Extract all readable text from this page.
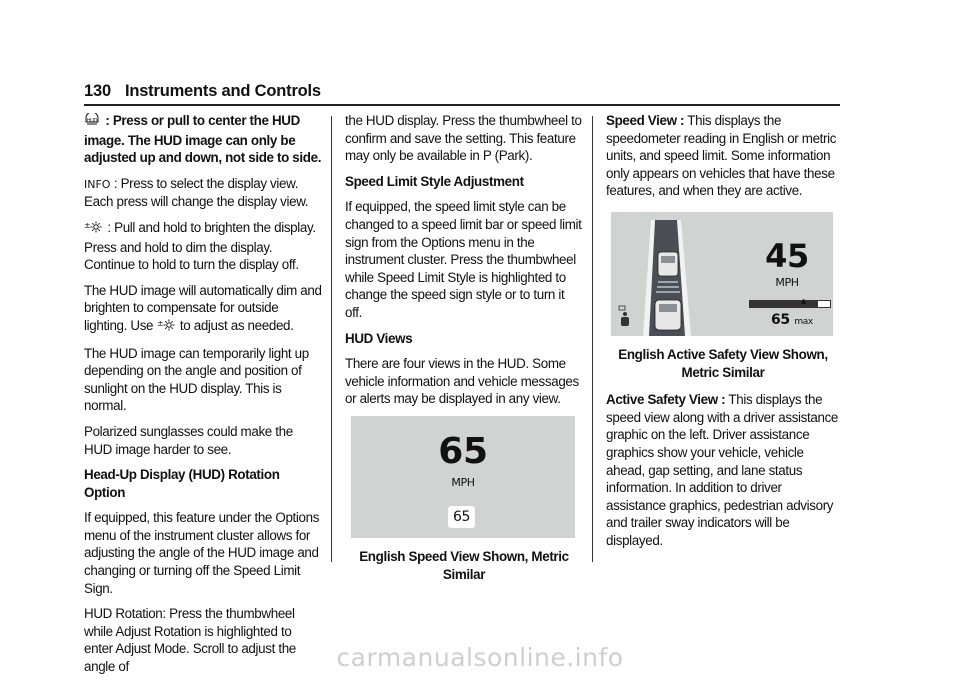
130 Instruments and Controls

HUD : Press or pull to center the HUD image. The HUD image can only be adjusted up and down, not side to side.

INFO : Press to select the display view. Each press will change the display view.

± : Pull and hold to brighten the display. Press and hold to dim the display. Continue to hold to turn the display off.

The HUD image will automatically dim and brighten to compensate for outside lighting. Use ± to adjust as needed.

The HUD image can temporarily light up depending on the angle and position of sunlight on the HUD display. This is normal.

Polarized sunglasses could make the HUD image harder to see.

Head-Up Display (HUD) Rotation Option

If equipped, this feature under the Options menu of the instrument cluster allows for adjusting the angle of the HUD image and changing or turning off the Speed Limit Sign.

HUD Rotation: Press the thumbwheel while Adjust Rotation is highlighted to enter Adjust Mode. Scroll to adjust the angle of

the HUD display. Press the thumbwheel to confirm and save the setting. This feature may only be available in P (Park).

Speed Limit Style Adjustment

If equipped, the speed limit style can be changed to a speed limit bar or speed limit sign from the Options menu in the instrument cluster. Press the thumbwheel while Speed Limit Style is highlighted to change the speed sign style or to turn it off.

HUD Views

There are four views in the HUD. Some vehicle information and vehicle messages or alerts may be displayed in any view.

65
MPH
65
English Speed View Shown, Metric Similar

Speed View : This displays the speedometer reading in English or metric units, and speed limit. Some information only appears on vehicles that have these features, and when they are active.

45
MPH
▲
65 max
English Active Safety View Shown, Metric Similar

Active Safety View : This displays the speed view along with a driver assistance graphic on the left. Driver assistance graphics show your vehicle, vehicle ahead, gap setting, and lane status information. In addition to driver assistance graphics, pedestrian advisory and trailer sway indicators will be displayed.

carmanualsonline.info
